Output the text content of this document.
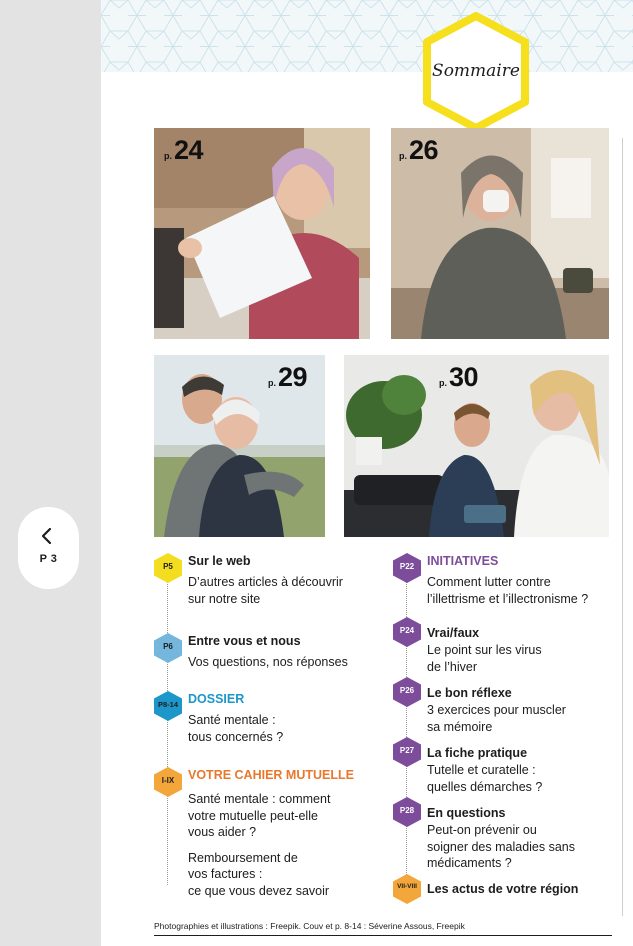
P 3
Sommaire
p.24	p.26
p.29	p.30
P5	Sur le web
D’autres articles à découvrir
sur notre site
P6	Entre vous et nous
Vos questions, nos réponses
P8-14 DOSSIER
Santé mentale :
tous concernés ?
I-IX	VOTRE CAHIER MUTUELLE
Santé mentale : comment
votre mutuelle peut-elle
vous aider ?
Remboursement de
vos factures :
ce que vous devez savoir
P22	INITIATIVES
Comment lutter contre
l’illettrisme et l’illectronisme ?
P24	Vrai/faux
Le point sur les virus
de l’hiver
P26	Le bon réflexe
3 exercices pour muscler
sa mémoire
P27	La fiche pratique
Tutelle et curatelle :
quelles démarches ?
P28	En questions
Peut-on prévenir ou
soigner des maladies sans
médicaments ?
VII-VIII Les actus de votre région
Photographies et illustrations : Freepik. Couv et p. 8-14 : Séverine Assous, Freepik
